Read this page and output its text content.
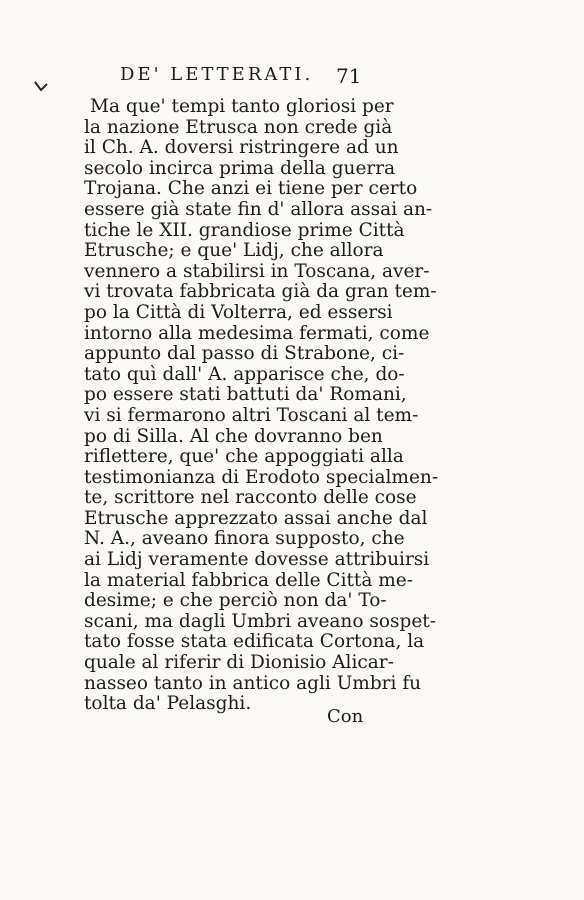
DE' LETTERATI. 71
Ma que' tempi tanto gloriosi per
la nazione Etrusca non crede già
il Ch. A. doversi ristringere ad un
secolo incirca prima della guerra
Trojana. Che anzi ei tiene per certo
essere già state fin d' allora assai an-
tiche le XII. grandiose prime Città
Etrusche; e que' Lidj, che allora
vennero a stabilirsi in Toscana, aver-
vi trovata fabbricata già da gran tem-
po la Città di Volterra, ed essersi
intorno alla medesima fermati, come
appunto dal passo di Strabone, ci-
tato quì dall' A. apparisce che, do-
po essere stati battuti da' Romani,
vi si fermarono altri Toscani al tem-
po di Silla. Al che dovranno ben
riflettere, que' che appoggiati alla
testimonianza di Erodoto specialmen-
te, scrittore nel racconto delle cose
Etrusche apprezzato assai anche dal
N. A., aveano finora supposto, che
ai Lidj veramente dovesse attribuirsi
la material fabbrica delle Città me-
desime; e che perciò non da' To-
scani, ma dagli Umbri aveano sospet-
tato fosse stata edificata Cortona, la
quale al riferir di Dionisio Alicar-
nasseo tanto in antico agli Umbri fu
tolta da' Pelasghi.
Con
